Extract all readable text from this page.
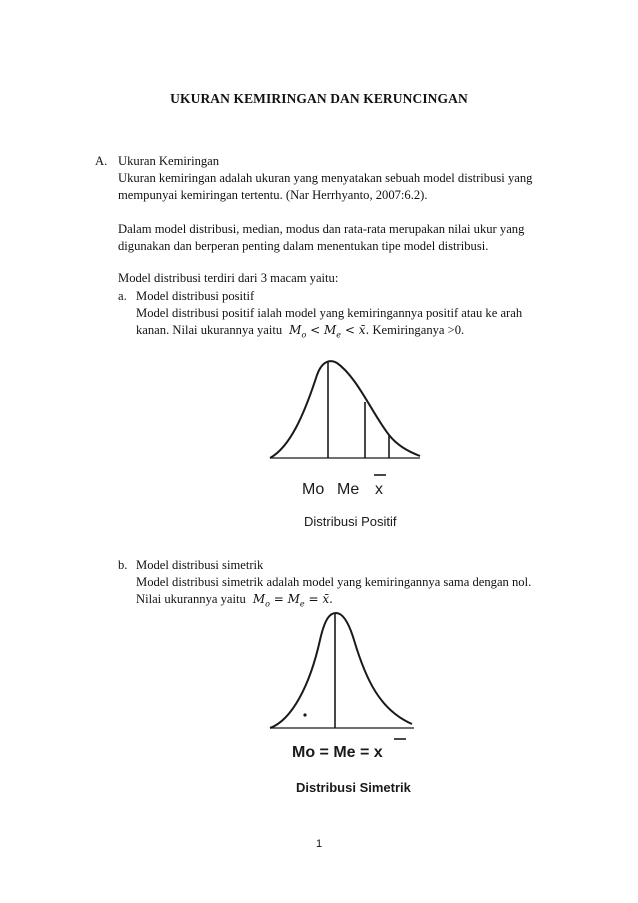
UKURAN KEMIRINGAN DAN KERUNCINGAN
A. Ukuran Kemiringan
Ukuran kemiringan adalah ukuran yang menyatakan sebuah model distribusi yang
mempunyai kemiringan tertentu. (Nar Herrhyanto, 2007:6.2).
Dalam model distribusi, median, modus dan rata-rata merupakan nilai ukur yang
digunakan dan berperan penting dalam menentukan tipe model distribusi.
Model distribusi terdiri dari 3 macam yaitu:
a. Model distribusi positif
Model distribusi positif ialah model yang kemiringannya positif atau ke arah
kanan. Nilai ukurannya yaitu $M_o < M_e$ < x̄. Kemiringanya >0.
Mo Me x
Distribusi Positif
b. Model distribusi simetrik
Model distribusi simetrik adalah model yang kemiringannya sama dengan nol.
Nilai ukurannya yaitu $M_o = M_e$ = x̄.
Mo = Me = x
Distribusi Simetrik
1
